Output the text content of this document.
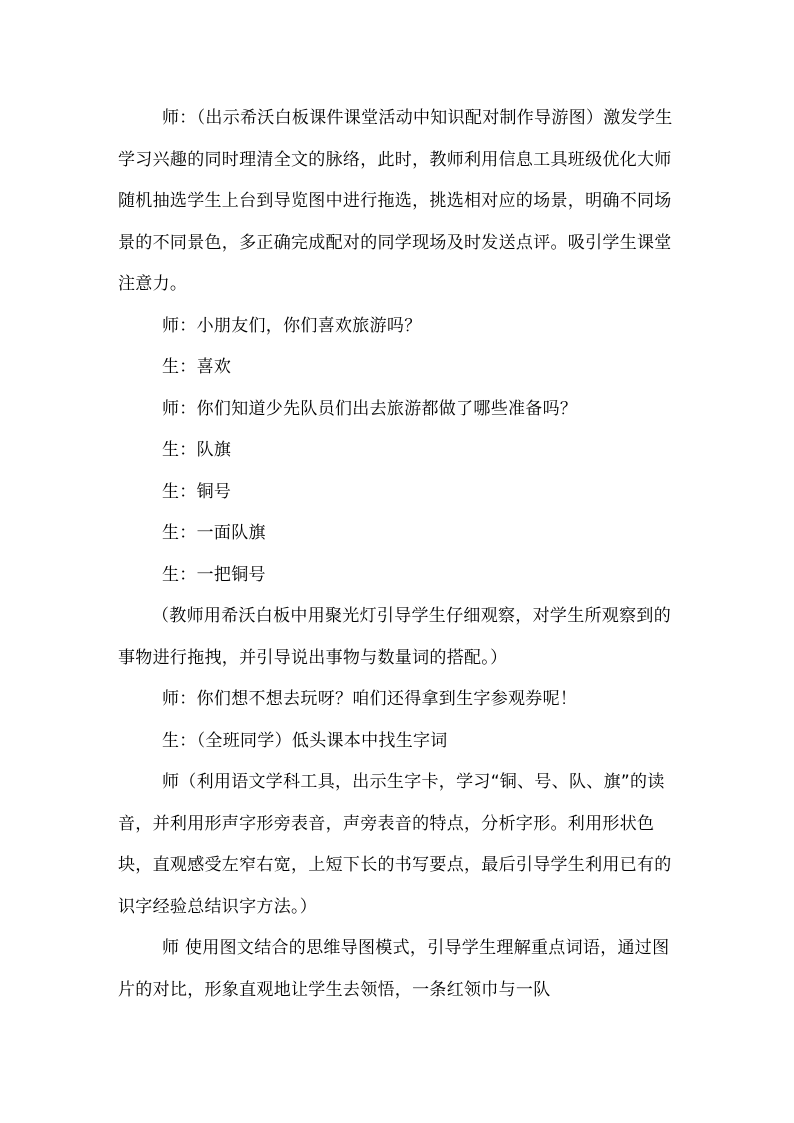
师：（出示希沃白板课件课堂活动中知识配对制作导游图）激发学生学习兴趣的同时理清全文的脉络，此时，教师利用信息工具班级优化大师随机抽选学生上台到导览图中进行拖选，挑选相对应的场景，明确不同场景的不同景色，多正确完成配对的同学现场及时发送点评。吸引学生课堂注意力。

师：小朋友们，你们喜欢旅游吗？

生：喜欢

师：你们知道少先队员们出去旅游都做了哪些准备吗？

生：队旗

生：铜号

生：一面队旗

生：一把铜号

（教师用希沃白板中用聚光灯引导学生仔细观察，对学生所观察到的事物进行拖拽，并引导说出事物与数量词的搭配。）

师：你们想不想去玩呀？咱们还得拿到生字参观券呢！

生：（全班同学）低头课本中找生字词

师（利用语文学科工具，出示生字卡，学习“铜、号、队、旗”的读音，并利用形声字形旁表音，声旁表音的特点，分析字形。利用形状色块，直观感受左窄右宽，上短下长的书写要点，最后引导学生利用已有的识字经验总结识字方法。）

师 使用图文结合的思维导图模式，引导学生理解重点词语，通过图片的对比，形象直观地让学生去领悟，一条红领巾与一队
